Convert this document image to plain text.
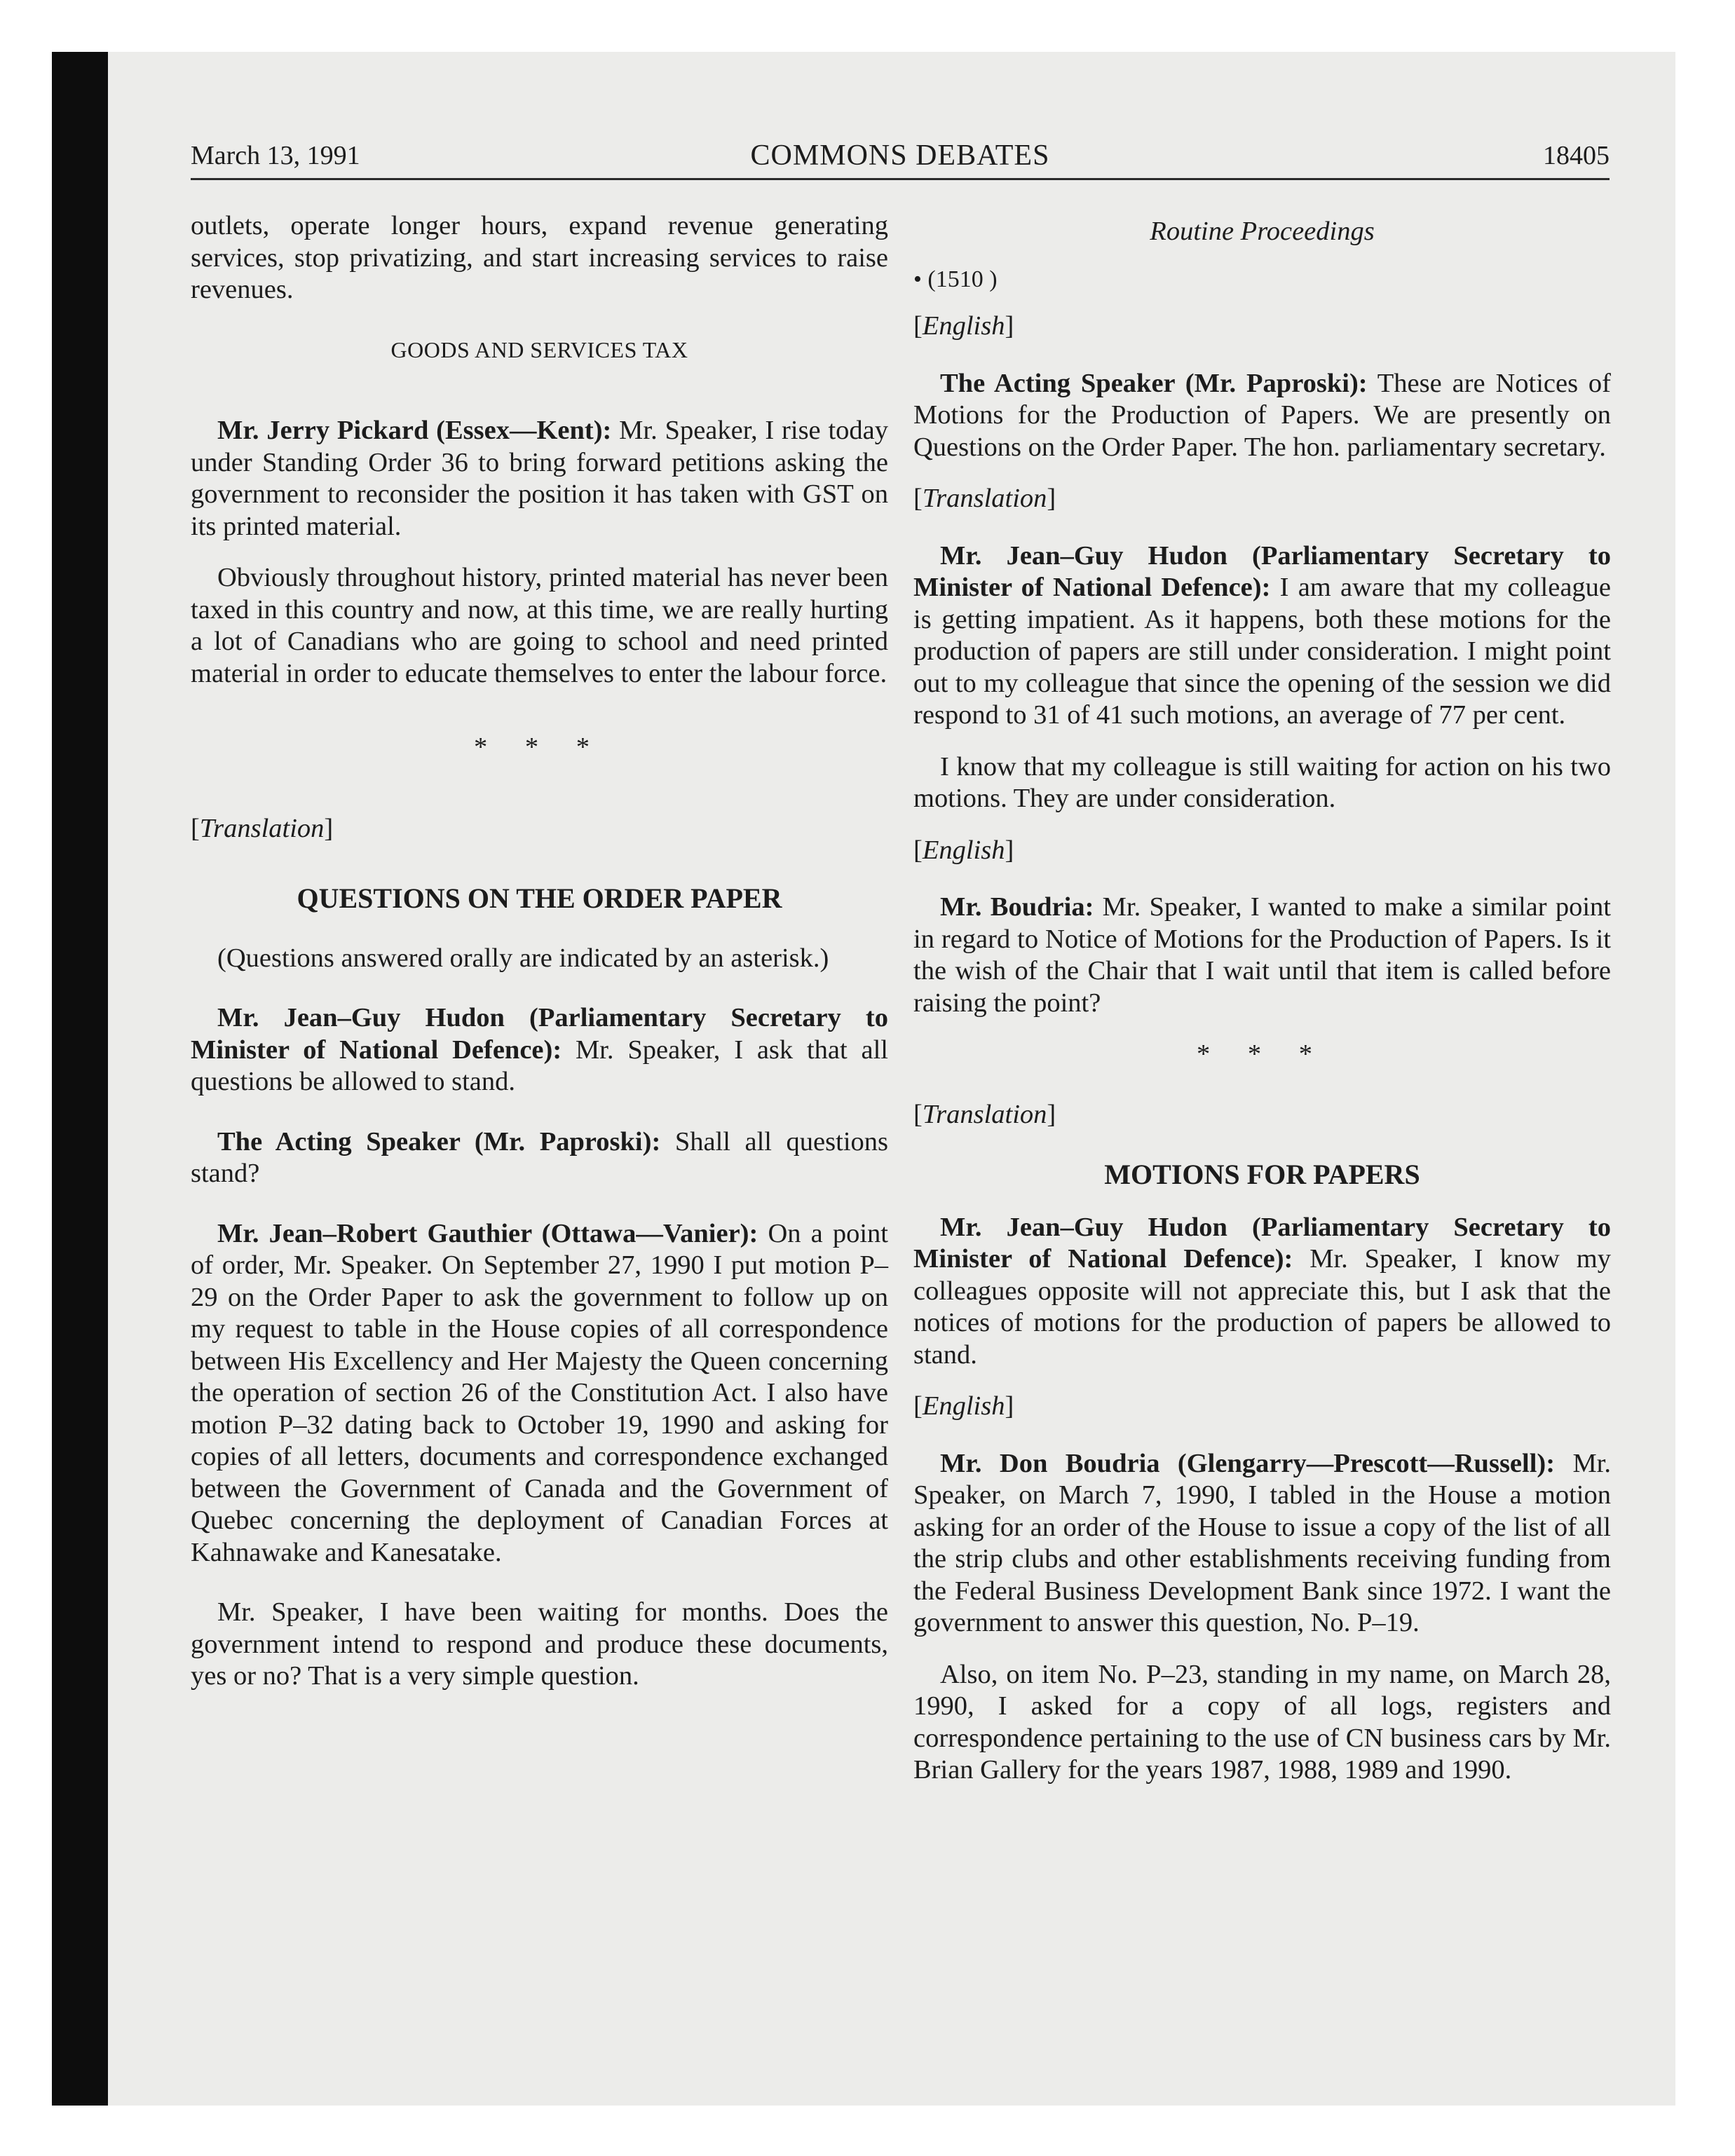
March 13, 1991	COMMONS DEBATES	18405

outlets, operate longer hours, expand revenue generating services, stop privatizing, and start increasing services to raise revenues.

GOODS AND SERVICES TAX

Mr. Jerry Pickard (Essex—Kent): Mr. Speaker, I rise today under Standing Order 36 to bring forward petitions asking the government to reconsider the position it has taken with GST on its printed material.

Obviously throughout history, printed material has never been taxed in this country and now, at this time, we are really hurting a lot of Canadians who are going to school and need printed material in order to educate themselves to enter the labour force.

* * *
[Translation]
QUESTIONS ON THE ORDER PAPER

(Questions answered orally are indicated by an asterisk.)

Mr. Jean–Guy Hudon (Parliamentary Secretary to Minister of National Defence): Mr. Speaker, I ask that all questions be allowed to stand.

The Acting Speaker (Mr. Paproski): Shall all questions stand?

Mr. Jean–Robert Gauthier (Ottawa—Vanier): On a point of order, Mr. Speaker. On September 27, 1990 I put motion P–29 on the Order Paper to ask the government to follow up on my request to table in the House copies of all correspondence between His Excellency and Her Majesty the Queen concerning the operation of section 26 of the Constitution Act. I also have motion P–32 dating back to October 19, 1990 and asking for copies of all letters, documents and correspondence exchanged between the Government of Canada and the Government of Quebec concerning the deployment of Canadian Forces at Kahnawake and Kanesatake.

Mr. Speaker, I have been waiting for months. Does the government intend to respond and produce these documents, yes or no? That is a very simple question.

Routine Proceedings
• (1510 )
[English]

The Acting Speaker (Mr. Paproski): These are Notices of Motions for the Production of Papers. We are presently on Questions on the Order Paper. The hon. parliamentary secretary.

[Translation]

Mr. Jean–Guy Hudon (Parliamentary Secretary to Minister of National Defence): I am aware that my colleague is getting impatient. As it happens, both these motions for the production of papers are still under consideration. I might point out to my colleague that since the opening of the session we did respond to 31 of 41 such motions, an average of 77 per cent.

I know that my colleague is still waiting for action on his two motions. They are under consideration.

[English]

Mr. Boudria: Mr. Speaker, I wanted to make a similar point in regard to Notice of Motions for the Production of Papers. Is it the wish of the Chair that I wait until that item is called before raising the point?

* * *
[Translation]
MOTIONS FOR PAPERS

Mr. Jean–Guy Hudon (Parliamentary Secretary to Minister of National Defence): Mr. Speaker, I know my colleagues opposite will not appreciate this, but I ask that the notices of motions for the production of papers be allowed to stand.

[English]

Mr. Don Boudria (Glengarry—Prescott—Russell): Mr. Speaker, on March 7, 1990, I tabled in the House a motion asking for an order of the House to issue a copy of the list of all the strip clubs and other establishments receiving funding from the Federal Business Development Bank since 1972. I want the government to answer this question, No. P–19.

Also, on item No. P–23, standing in my name, on March 28, 1990, I asked for a copy of all logs, registers and correspondence pertaining to the use of CN business cars by Mr. Brian Gallery for the years 1987, 1988, 1989 and 1990.
